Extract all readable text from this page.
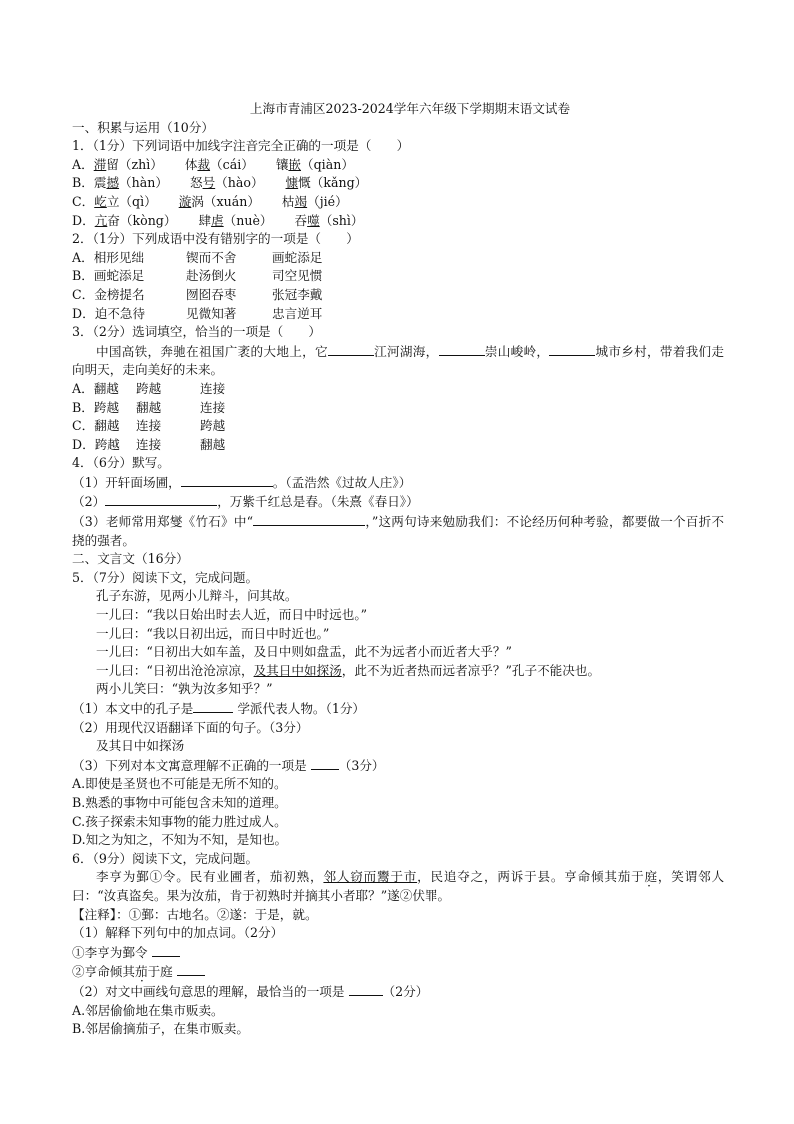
上海市青浦区2023-2024学年六年级下学期期末语文试卷
一、积累与运用（10分）
1．（1分）下列词语中加线字注音完全正确的一项是（　　）
A．滞留（zhì） 体裁（cái） 镶嵌（qiàn）
B．震撼（hàn） 怒号（hào） 慷慨（kǎng）
C．屹立（qì） 漩涡（xuán） 枯竭（jié）
D．亢奋（kòng） 肆虐（nuè） 吞噬（shì）
2．（1分）下列成语中没有错别字的一项是（　　）
A．相形见绌	锲而不舍	画蛇添足
B．画蛇添足	赴汤倒火	司空见惯
C．金榜提名	囫囵吞枣	张冠李戴
D．迫不急待	见微知著	忠言逆耳
3．（2分）选词填空，恰当的一项是（　　）
中国高铁，奔驰在祖国广袤的大地上，它	江河湖海，	崇山峻岭，	城市乡村，带着我们走向明天，走向美好的未来。
A．翻越 跨越	连接
B．跨越 翻越	连接
C．翻越 连接	跨越
D．跨越 连接	翻越
4．（6分）默写。
（1）开轩面场圃，	。（孟浩然《过故人庄》）
（2）	，万紫千红总是春。（朱熹《春日》）
（3）老师常用郑燮《竹石》中“	，”这两句诗来勉励我们：不论经历何种考验，都要做一个百折不挠的强者。
二、文言文（16分）
5．（7分）阅读下文，完成问题。
孔子东游，见两小儿辩斗，问其故。
一儿曰：“我以日始出时去人近，而日中时远也。”
一儿曰：“我以日初出远，而日中时近也。”
一儿曰：“日初出大如车盖，及日中则如盘盂，此不为远者小而近者大乎？”
一儿曰：“日初出沧沧凉凉，及其日中如探汤，此不为近者热而远者凉乎？”孔子不能决也。
两小儿笑曰：“孰为汝多知乎？”
（1）本文中的孔子是	学派代表人物。（1分）
（2）用现代汉语翻译下面的句子。（3分）
及其日中如探汤
（3）下列对本文寓意理解不正确的一项是 （3分）
A.即使是圣贤也不可能是无所不知的。
B.熟悉的事物中可能包含未知的道理。
C.孩子探索未知事物的能力胜过成人。
D.知之为知之，不知为不知，是知也。
6．（9分）阅读下文，完成问题。
李亨为鄞①令。民有业圃者，茄初熟，邻人窃而鬻于市，民追夺之，两诉于县。亨命倾其茄 ·于庭，笑谓邻人曰：“汝真盗矣。果为汝茄，肯于初熟时并摘其小者耶？”遂②伏罪。
【注释】：①鄞：古地名。②遂：于是，就。
（1）解释下列句中的加点词。（2分）
①李亨为鄞令
②亨命倾其茄于庭
（2）对文中画线句意思的理解，最恰当的一项是	（2分）
A.邻居偷偷地在集市贩卖。
B.邻居偷摘茄子，在集市贩卖。
